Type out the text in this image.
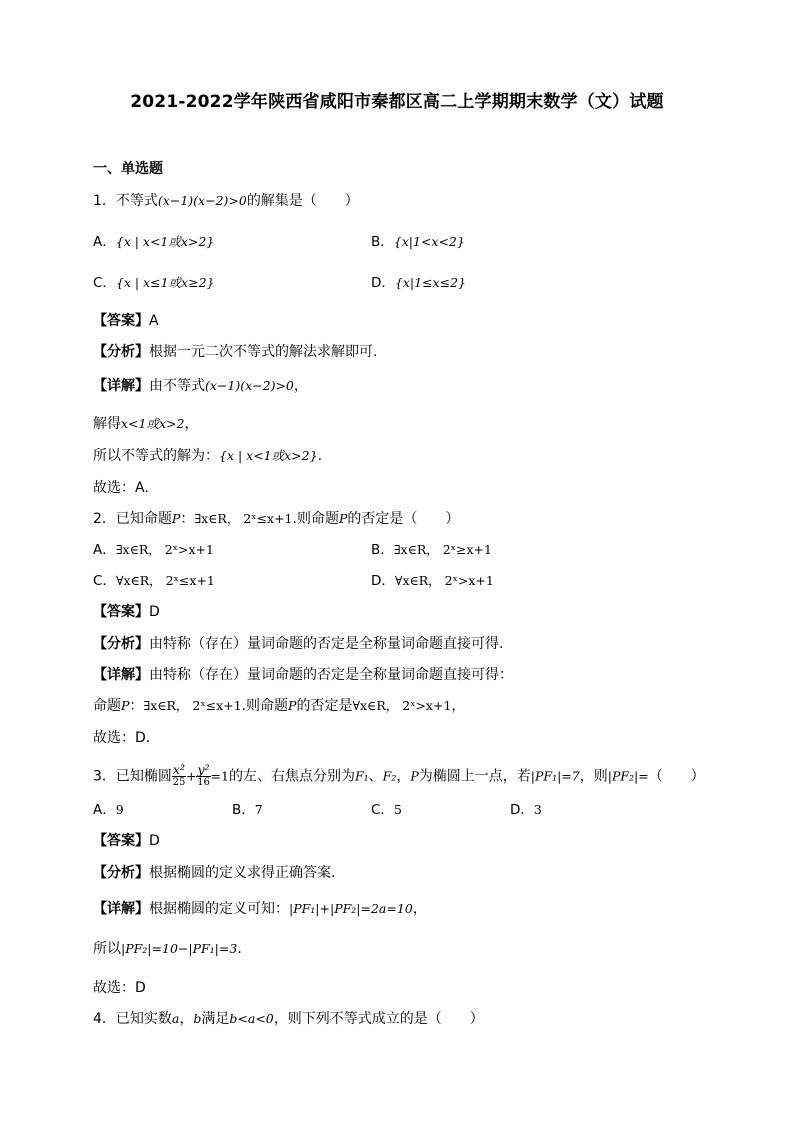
2021-2022学年陕西省咸阳市秦都区高二上学期期末数学（文）试题
一、单选题
1．不等式(x−1)(x−2)>0的解集是（　　）
A．{x | x<1或x>2}	B．{x|1<x<2}
C．{x | x≤1或x≥2}	D．{x|1≤x≤2}
【答案】A
【分析】根据一元二次不等式的解法求解即可.
【详解】由不等式(x−1)(x−2)>0，
解得x<1或x>2，
所以不等式的解为：{x | x<1或x>2}.
故选：A.
2．已知命题P：∃x∈R， 2ˣ≤x+1.则命题P的否定是（　　）
A．∃x∈R， 2ˣ>x+1	B．∃x∈R， 2ˣ≥x+1
C．∀x∈R， 2ˣ≤x+1	D．∀x∈R， 2ˣ>x+1
【答案】D
【分析】由特称（存在）量词命题的否定是全称量词命题直接可得.
【详解】由特称（存在）量词命题的否定是全称量词命题直接可得：
命题P：∃x∈R， 2ˣ≤x+1.则命题P的否定是∀x∈R， 2ˣ>x+1，
故选：D.
3．已知椭圆 $\frac{\text{x²}}{25} + \frac{\text{y²}}{16} =1$的左、右焦点分别为F₁、F₂，P为椭圆上一点，若|PF₁|=7，则|PF₂|=（　　）
A．9	B．7	C．5	D．3
【答案】D
【分析】根据椭圆的定义求得正确答案.
【详解】根据椭圆的定义可知：|PF₁|+|PF₂|=2a=10，
所以|PF₂|=10−|PF₁|=3.
故选：D
4．已知实数a，b满足b<a<0，则下列不等式成立的是（　　）
